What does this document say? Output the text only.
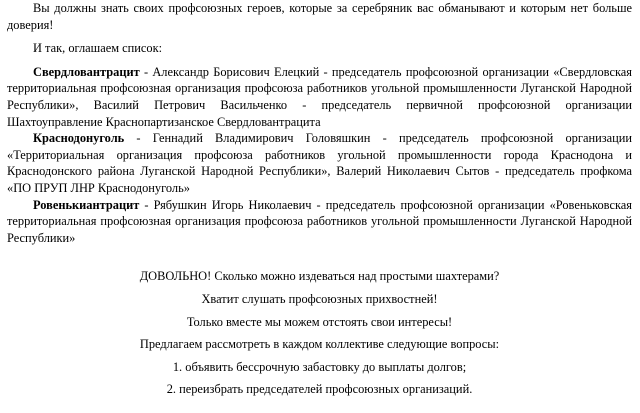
Вы должны знать своих профсоюзных героев, которые за серебряник вас обманывают и которым нет больше доверия!

И так, оглашаем список:

Свердловантрацит - Александр Борисович Елецкий - председатель профсоюзной организации «Свердловская территориальная профсоюзная организация профсоюза работников угольной промышленности Луганской Народной Республики», Василий Петрович Васильченко - председатель первичной профсоюзной организации Шахтоуправление Краснопартизанское Свердловантрацита

Краснодонуголь - Геннадий Владимирович Головяшкин - председатель профсоюзной организации «Территориальная организация профсоюза работников угольной промышленности города Краснодона и Краснодонского района Луганской Народной Республики», Валерий Николаевич Сытов - председатель профкома «ПО ПРУП ЛНР Краснодонуголь»

Ровенькиантрацит - Рябушкин Игорь Николаевич - председатель профсоюзной организации «Ровеньковская территориальная профсоюзная организация профсоюза работников угольной промышленности Луганской Народной Республики»

ДОВОЛЬНО! Сколько можно издеваться над простыми шахтерами?

Хватит слушать профсоюзных прихвостней!

Только вместе мы можем отстоять свои интересы!

Предлагаем рассмотреть в каждом коллективе следующие вопросы:

1. объявить бессрочную забастовку до выплаты долгов;

2. переизбрать председателей профсоюзных организаций.
